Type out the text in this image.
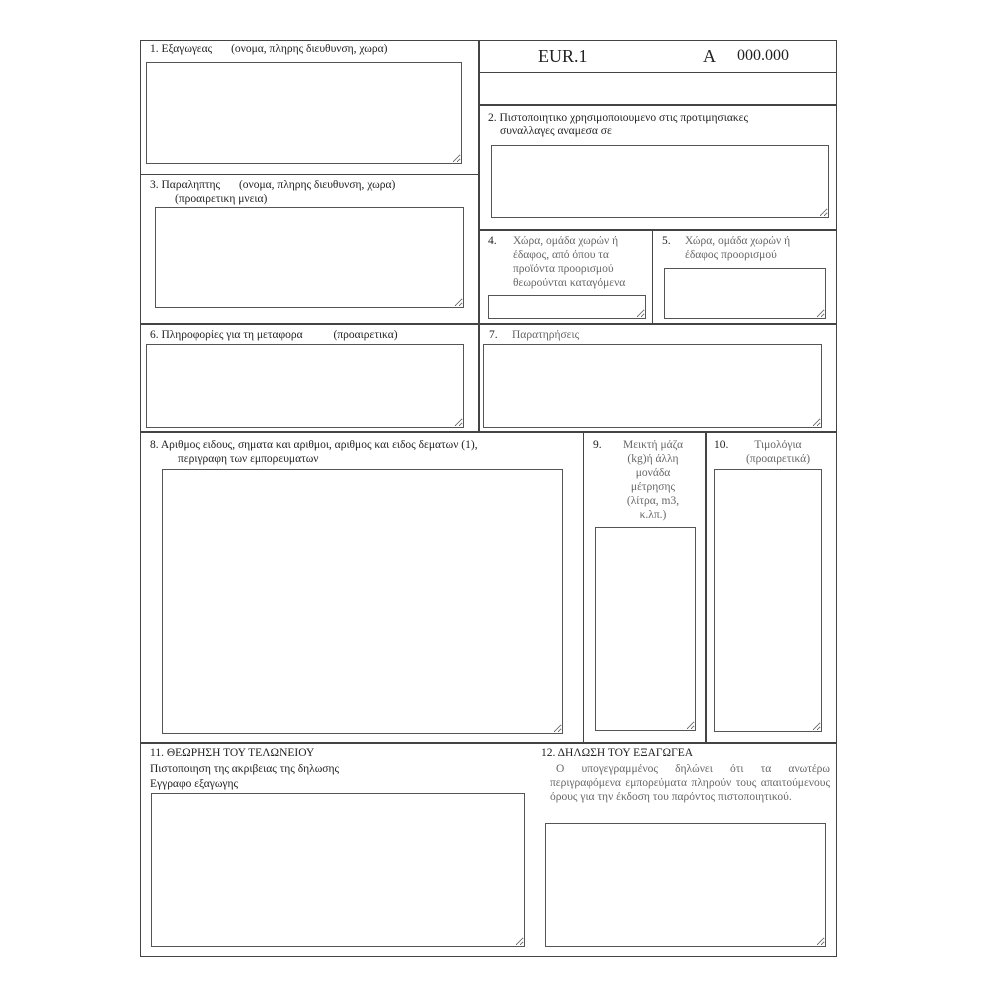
EUR.1	A 000.000
1. Εξαγωγεας (ονομα, πληρης διευθυνση, χωρα)
2. Πιστοποιητικο χρησιμοποιουμενο στις προτιμησιακες
συναλλαγες αναμεσα σε
3. Παραληπτης (ονομα, πληρης διευθυνση, χωρα)
(προαιρετικη μνεια)
4. Χώρα, ομάδα χωρών ή έδαφος, από όπου τα προϊόντα προορισμού θεωρούνται καταγόμενα
5. Χώρα, ομάδα χωρών ή έδαφος προορισμού
6. Πληροφορίες για τη μεταφορα	(προαιρετικα)	7. Παρατηρήσεις
8. Αριθμος ειδους, σηματα και αριθμοι, αριθμος και ειδος δεματων (1),
περιγραφη των εμπορευματων
9.	Μεικτή μάζα (kg)ή άλλη μονάδα μέτρησης (λίτρα, m3, κ.λπ.)
10.	Τιμολόγια (προαιρετικά)
11. ΘΕΩΡΗΣΗ ΤΟΥ ΤΕΛΩΝΕΙΟΥ
Πιστοποιηση της ακριβειας της δηλωσης
Εγγραφο εξαγωγης
12. ΔΗΛΩΣΗ ΤΟΥ ΕΞΑΓΩΓΕΑ
Ο υπογεγραμμένος δηλώνει ότι τα ανωτέρω περιγραφόμενα εμπορεύματα πληρούν τους απαιτούμενους όρους για την έκδοση του παρόντος πιστοποιητικού.
